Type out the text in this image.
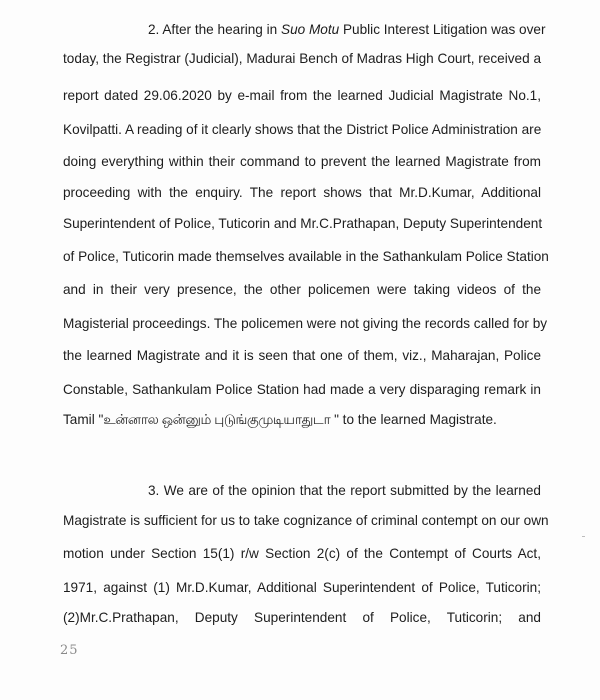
2. After the hearing in Suo Motu Public Interest Litigation was over
today, the Registrar (Judicial), Madurai Bench of Madras High Court, received a
report dated 29.06.2020 by e-mail from the learned Judicial Magistrate No.1,
Kovilpatti. A reading of it clearly shows that the District Police Administration are
doing everything within their command to prevent the learned Magistrate from
proceeding with the enquiry. The report shows that Mr.D.Kumar, Additional
Superintendent of Police, Tuticorin and Mr.C.Prathapan, Deputy Superintendent
of Police, Tuticorin made themselves available in the Sathankulam Police Station
and in their very presence, the other policemen were taking videos of the
Magisterial proceedings. The policemen were not giving the records called for by
the learned Magistrate and it is seen that one of them, viz., Maharajan, Police
Constable, Sathankulam Police Station had made a very disparaging remark in
Tamil "உன்னால ஒன்னும் புடுங்குமுடியாதுடா " to the learned Magistrate.
3. We are of the opinion that the report submitted by the learned
Magistrate is sufficient for us to take cognizance of criminal contempt on our own
motion under Section 15(1) r/w Section 2(c) of the Contempt of Courts Act,
1971, against (1) Mr.D.Kumar, Additional Superintendent of Police, Tuticorin;
(2)Mr.C.Prathapan, Deputy Superintendent of Police, Tuticorin; and
25
